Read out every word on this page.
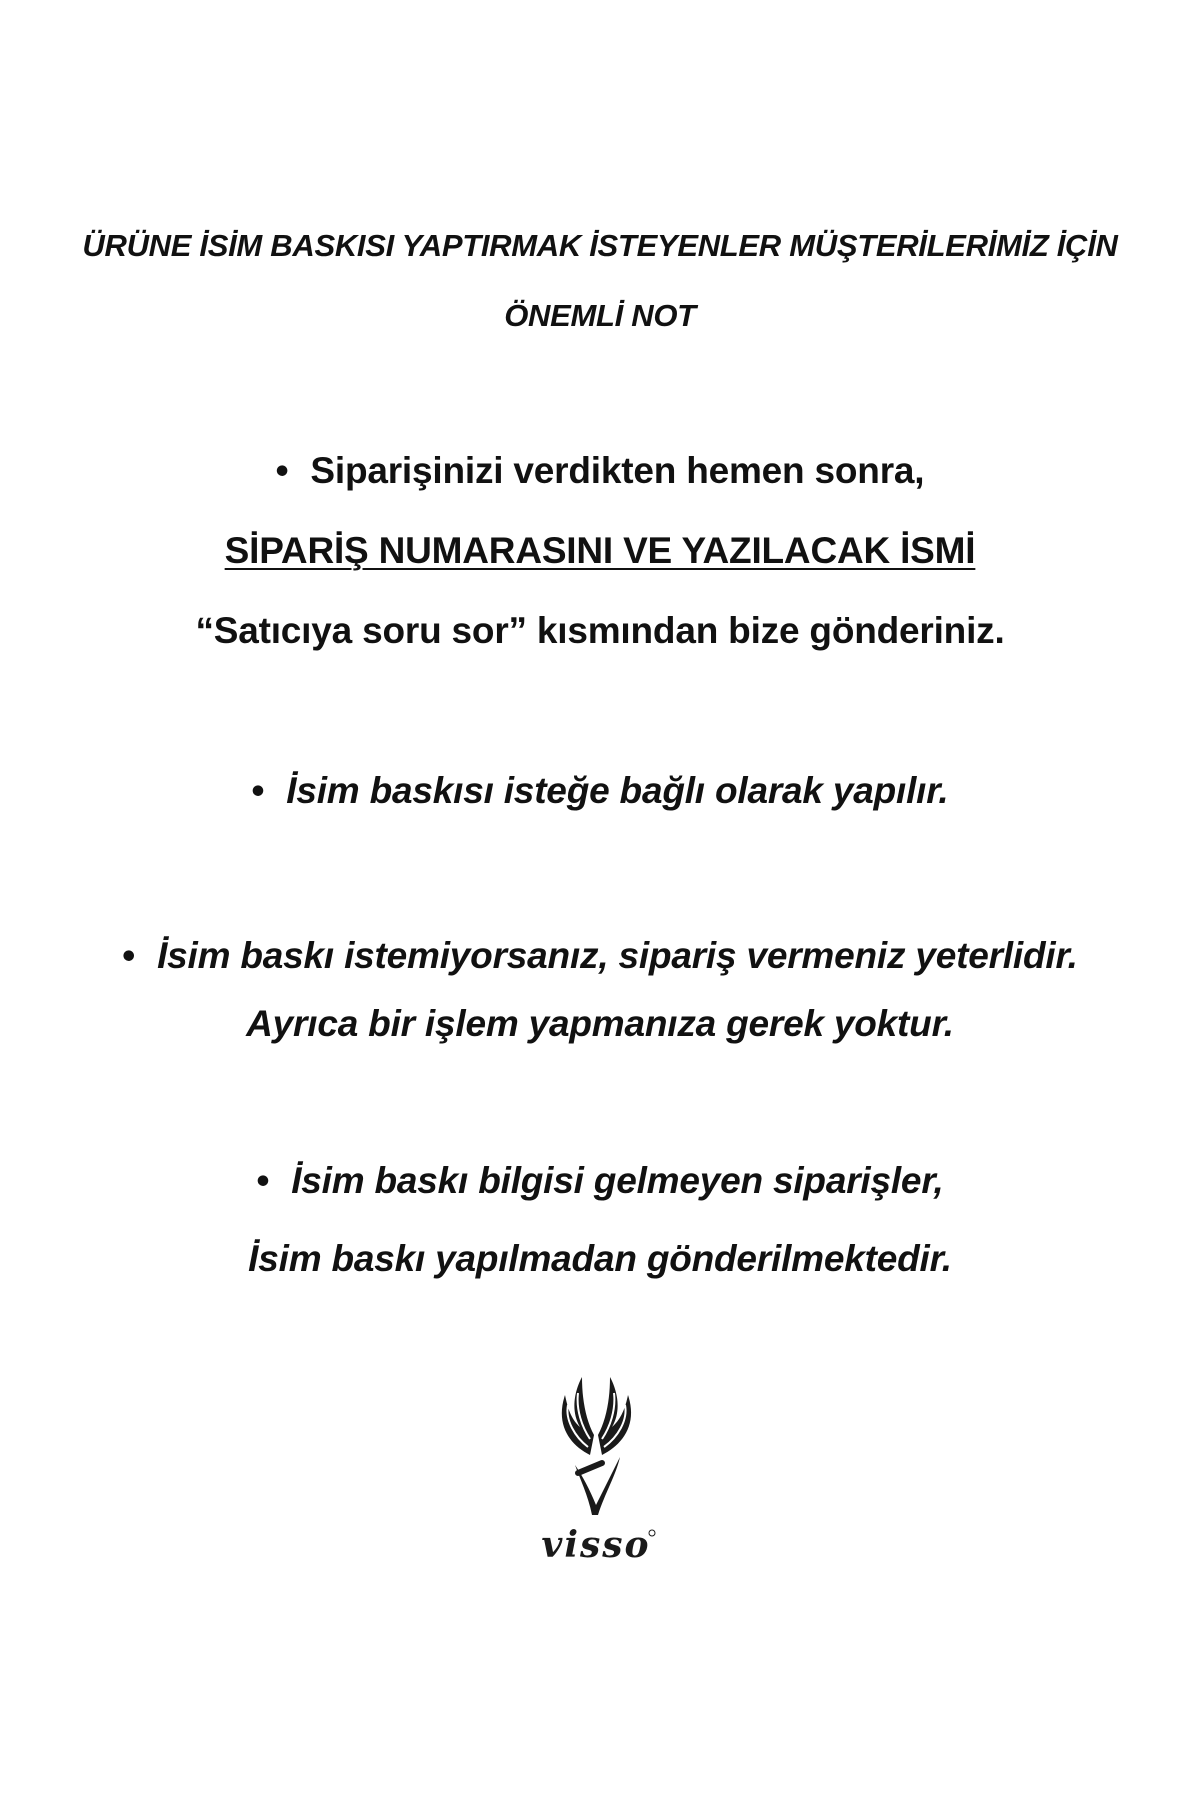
ÜRÜNE İSİM BASKISI YAPTIRMAK İSTEYENLER MÜŞTERİLERİMİZ İÇİN
ÖNEMLİ NOT
• Siparişinizi verdikten hemen sonra,
SİPARİŞ NUMARASINI VE YAZILACAK İSMİ
“Satıcıya soru sor” kısmından bize gönderiniz.
• İsim baskısı isteğe bağlı olarak yapılır.
• İsim baskı istemiyorsanız, sipariş vermeniz yeterlidir.
Ayrıca bir işlem yapmanıza gerek yoktur.
• İsim baskı bilgisi gelmeyen siparişler,
İsim baskı yapılmadan gönderilmektedir.
visso
